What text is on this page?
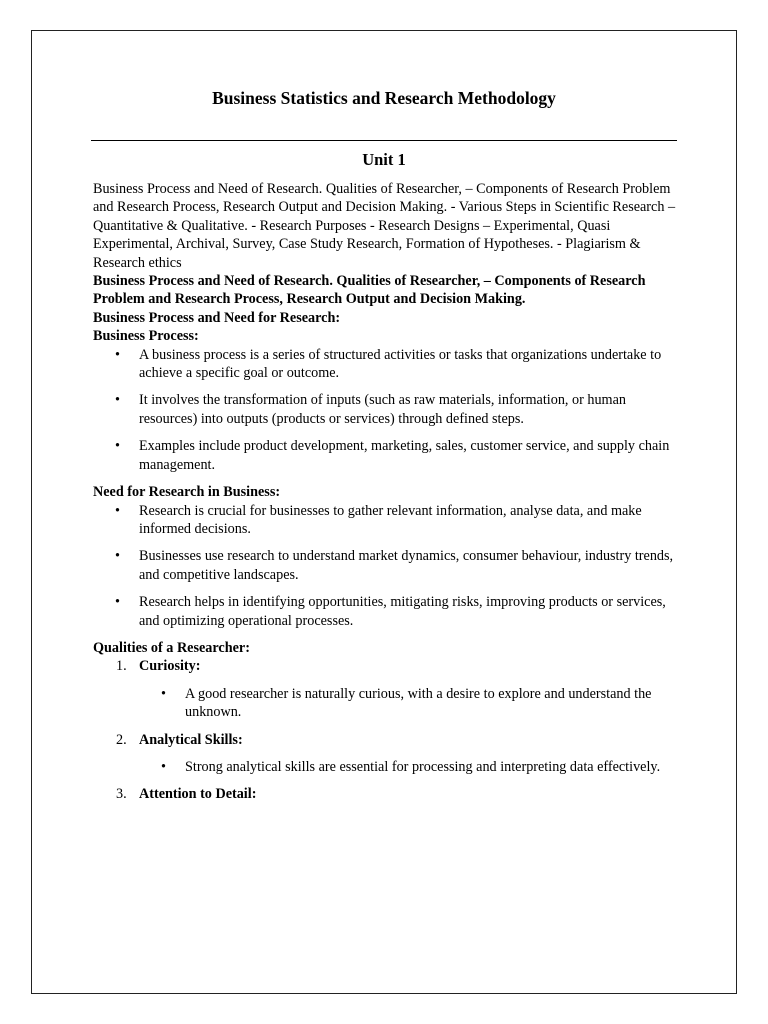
Business Statistics and Research Methodology
Unit 1

Business Process and Need of Research. Qualities of Researcher, – Components of Research Problem and Research Process, Research Output and Decision Making. - Various Steps in Scientific Research – Quantitative & Qualitative. - Research Purposes - Research Designs – Experimental, Quasi Experimental, Archival, Survey, Case Study Research, Formation of Hypotheses. - Plagiarism & Research ethics

Business Process and Need of Research. Qualities of Researcher, – Components of Research Problem and Research Process, Research Output and Decision Making.

Business Process and Need for Research:

Business Process:

• A business process is a series of structured activities or tasks that organizations undertake to achieve a specific goal or outcome.
• It involves the transformation of inputs (such as raw materials, information, or human resources) into outputs (products or services) through defined steps.
• Examples include product development, marketing, sales, customer service, and supply chain management.

Need for Research in Business:

• Research is crucial for businesses to gather relevant information, analyse data, and make informed decisions.
• Businesses use research to understand market dynamics, consumer behaviour, industry trends, and competitive landscapes.
• Research helps in identifying opportunities, mitigating risks, improving products or services, and optimizing operational processes.

Qualities of a Researcher:

1. Curiosity:
• A good researcher is naturally curious, with a desire to explore and understand the unknown.
2. Analytical Skills:
• Strong analytical skills are essential for processing and interpreting data effectively.
3. Attention to Detail:
